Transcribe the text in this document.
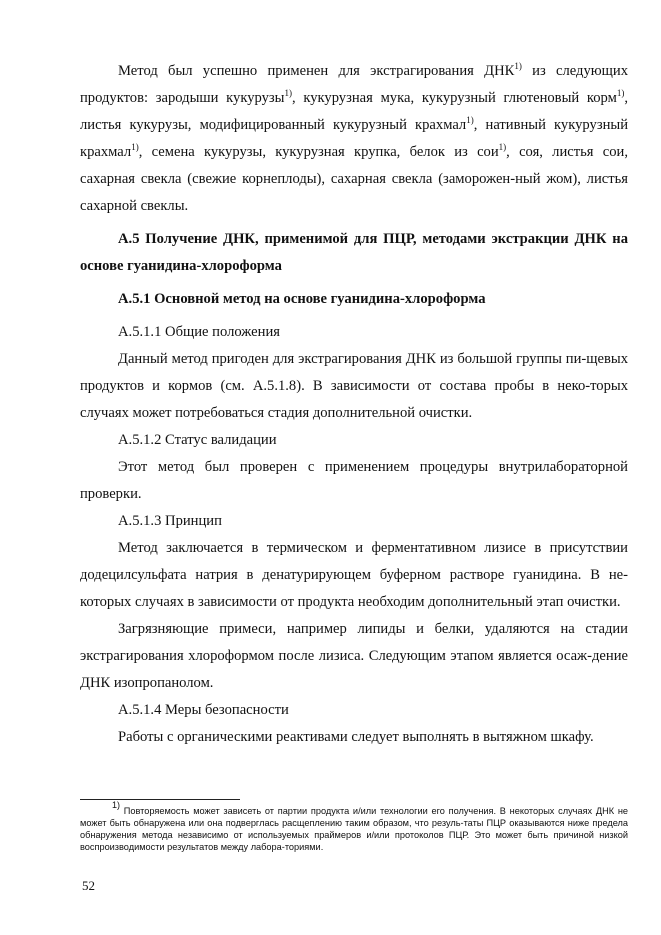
Метод был успешно применен для экстрагирования ДНК$^{1)}$ из следующих продуктов: зародыши кукурузы$^{1)}$, кукурузная мука, кукурузный глютеновый корм$^{1)}$, листья кукурузы, модифицированный кукурузный крахмал$^{1)}$, нативный кукурузный крахмал$^{1)}$, семена кукурузы, кукурузная крупка, белок из сои$^{1)}$, соя, листья сои, сахарная свекла (свежие корнеплоды), сахарная свекла (заморожен-ный жом), листья сахарной свеклы.

А.5 Получение ДНК, применимой для ПЦР, методами экстракции ДНК на основе гуанидина-хлороформа

А.5.1 Основной метод на основе гуанидина-хлороформа

А.5.1.1 Общие положения

Данный метод пригоден для экстрагирования ДНК из большой группы пи-щевых продуктов и кормов (см. А.5.1.8). В зависимости от состава пробы в неко-торых случаях может потребоваться стадия дополнительной очистки.

А.5.1.2 Статус валидации

Этот метод был проверен с применением процедуры внутрилабораторной проверки.

А.5.1.3 Принцип

Метод заключается в термическом и ферментативном лизисе в присутствии додецилсульфата натрия в денатурирующем буферном растворе гуанидина. В не-которых случаях в зависимости от продукта необходим дополнительный этап очистки.

Загрязняющие примеси, например липиды и белки, удаляются на стадии экстрагирования хлороформом после лизиса. Следующим этапом является осаж-дение ДНК изопропанолом.

А.5.1.4 Меры безопасности

Работы с органическими реактивами следует выполнять в вытяжном шкафу.

$^{1)}$ Повторяемость может зависеть от партии продукта и/или технологии его получения. В некоторых случаях ДНК не может быть обнаружена или она подверглась расщеплению таким образом, что резуль-таты ПЦР оказываются ниже предела обнаружения метода независимо от используемых праймеров и/или протоколов ПЦР. Это может быть причиной низкой воспроизводимости результатов между лабора-ториями.
52
